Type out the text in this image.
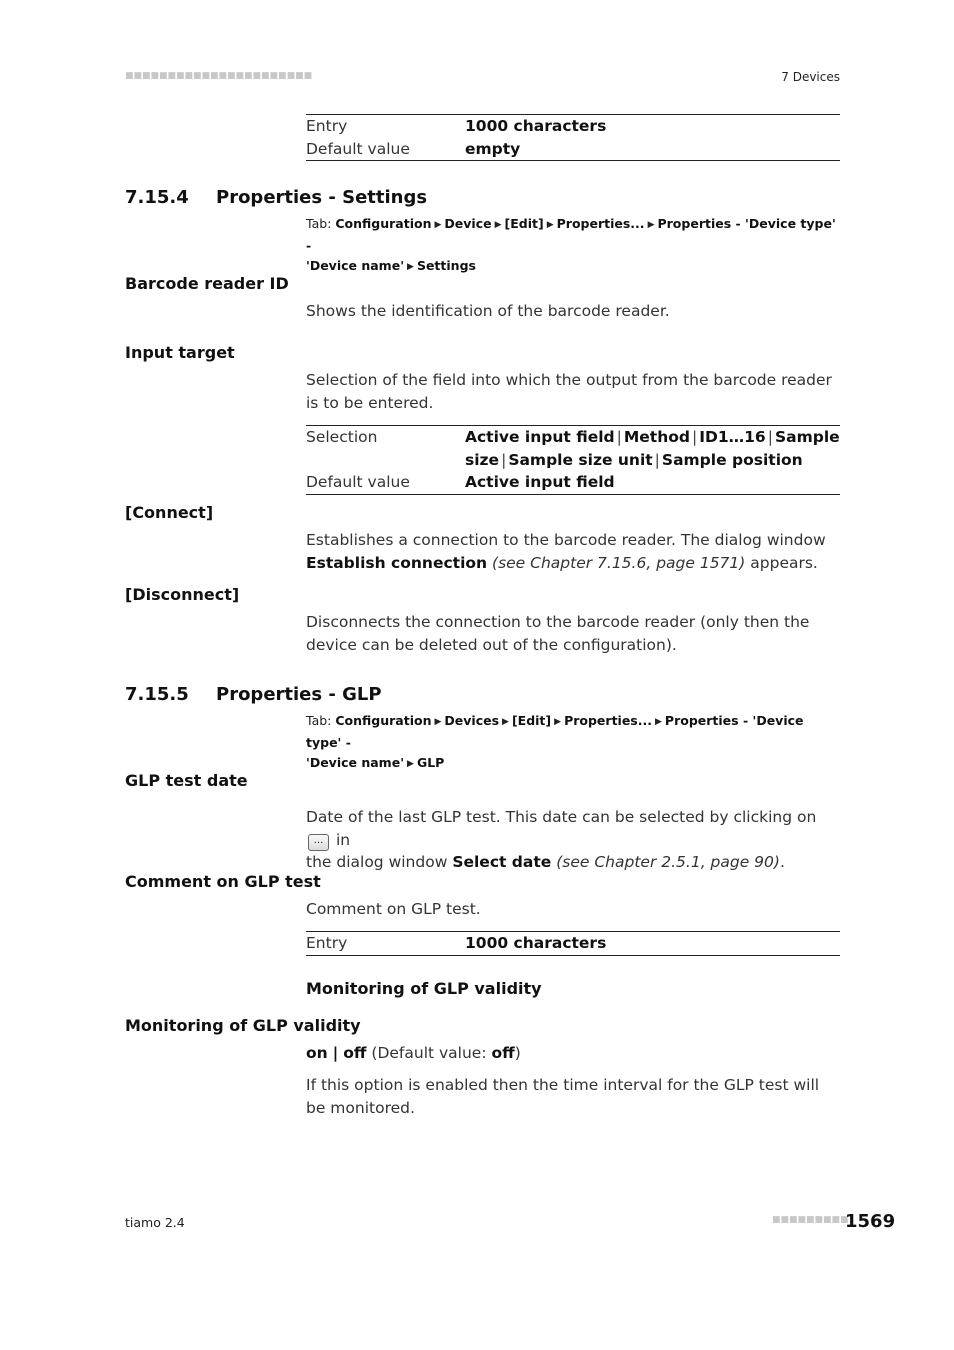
■■■■■■■■■■■■■■■■■■■■■■	7 Devices
Entry	1000 characters
Default value	empty
7.15.4 Properties - Settings
Tab: Configuration ▶ Device ▶ [Edit] ▶ Properties... ▶ Properties - 'Device type' -
'Device name' ▶ Settings
Barcode reader ID
Shows the identification of the barcode reader.
Input target
Selection of the field into which the output from the barcode reader is to be entered.
Selection	Active input field | Method | ID1…16 | Sample size | Sample size unit | Sample position
Default value	Active input field
[Connect]
Establishes a connection to the barcode reader. The dialog window Establish connection (see Chapter 7.15.6, page 1571) appears.
[Disconnect]
Disconnects the connection to the barcode reader (only then the device can be deleted out of the configuration).
7.15.5 Properties - GLP
Tab: Configuration ▶ Devices ▶ [Edit] ▶ Properties... ▶ Properties - 'Device type' -
'Device name' ▶ GLP
GLP test date
Date of the last GLP test. This date can be selected by clicking on ... in
the dialog window Select date (see Chapter 2.5.1, page 90).
Comment on GLP test
Comment on GLP test.
Entry	1000 characters
Monitoring of GLP validity
Monitoring of GLP validity
on | off (Default value: off)
If this option is enabled then the time interval for the GLP test will be monitored.
tiamo 2.4	■■■■■■■■■
1569
